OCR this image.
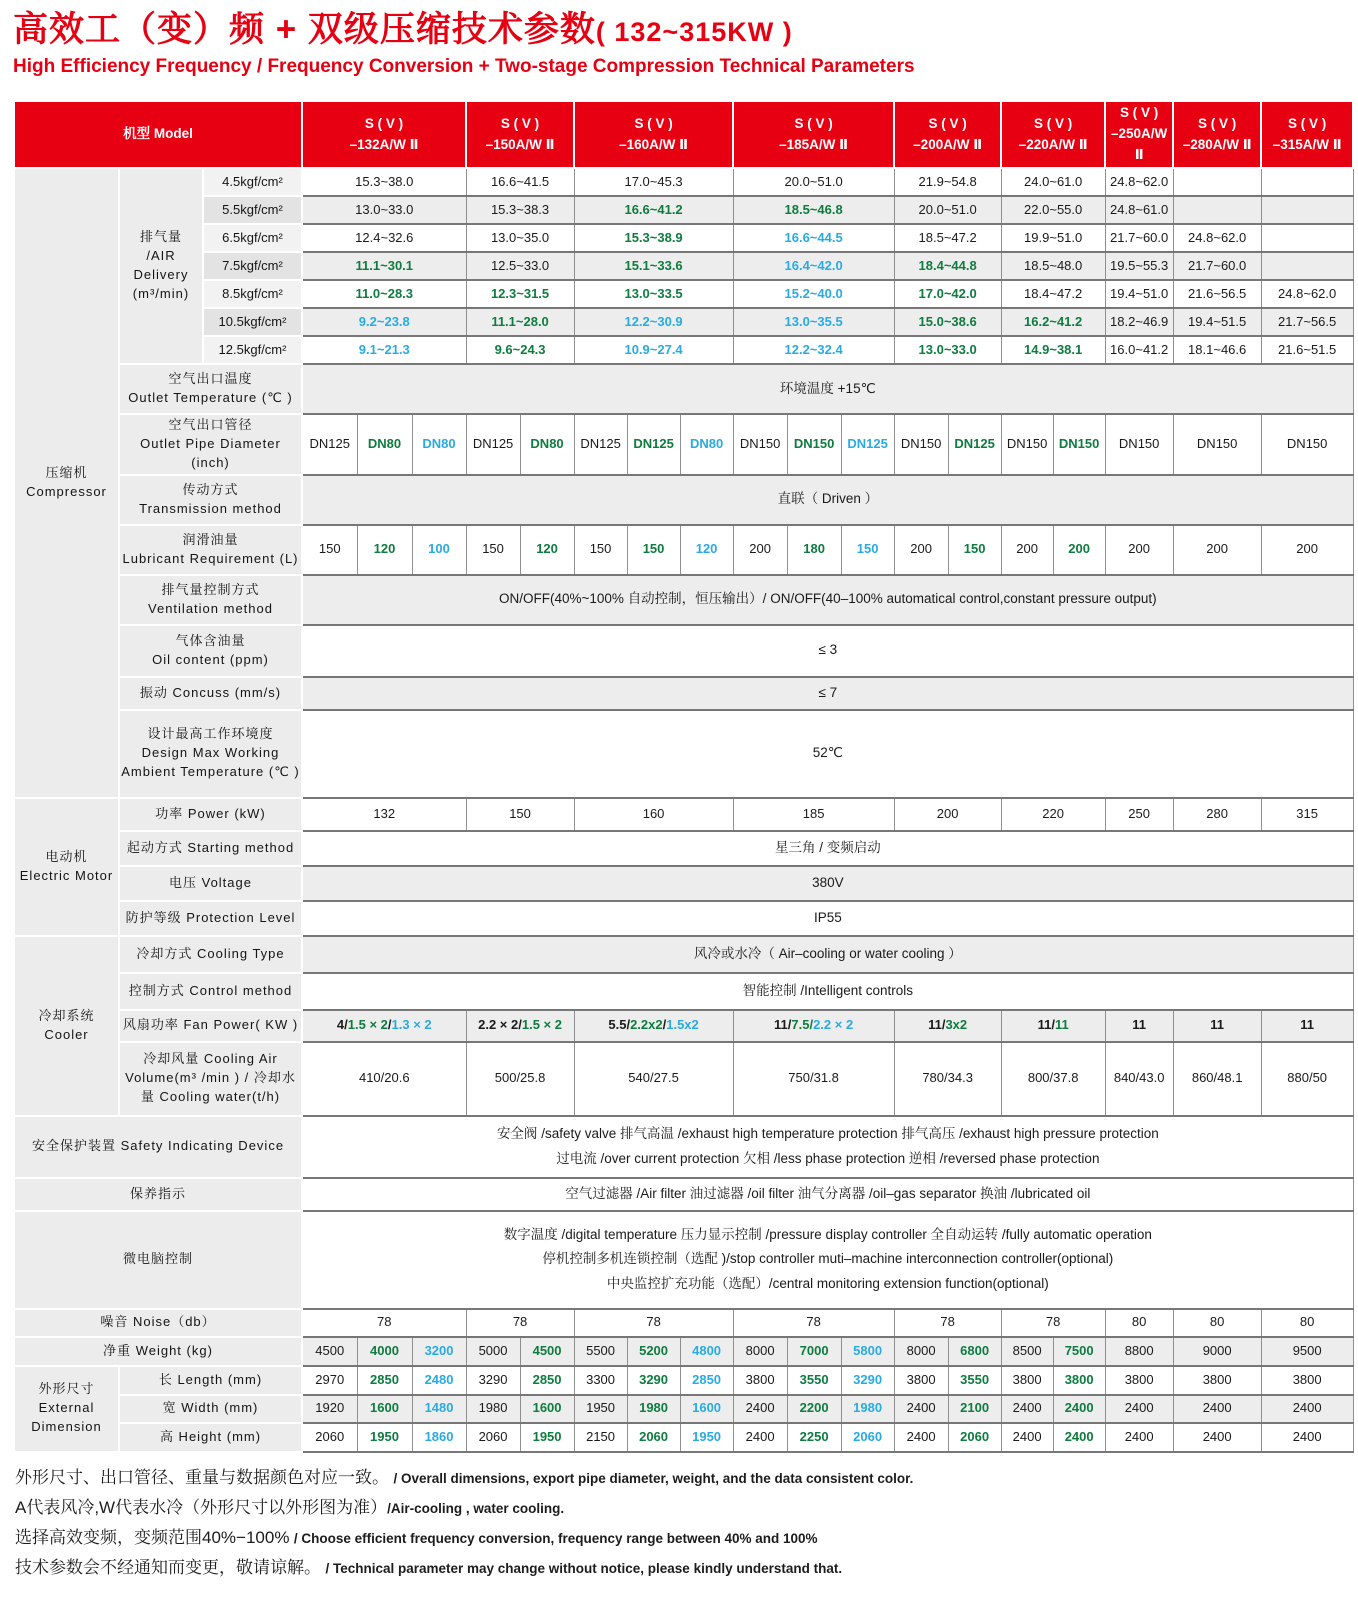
高效工（变）频 + 双级压缩技术参数( 132~315KW )
High Efficiency Frequency / Frequency Conversion + Two-stage Compression Technical Parameters
机型 Model			S ( V )
–132A/W Ⅱ			S ( V )
–150A/W Ⅱ		S ( V )
–160A/W Ⅱ			S ( V )
–185A/W Ⅱ			S ( V )
–200A/W Ⅱ		S ( V )
–220A/W Ⅱ		S ( V )
–250A/W Ⅱ	S ( V )
–280A/W Ⅱ	S ( V )
–315A/W Ⅱ
压缩机
Compressor	排气量
/AIR
Delivery
(m³/min)	4.5kgf/cm²	15.3~38.0			16.6~41.5		17.0~45.3			20.0~51.0			21.9~54.8		24.0~61.0		24.8~62.0		
		5.5kgf/cm²	13.0~33.0			15.3~38.3		16.6~41.2			18.5~46.8			20.0~51.0		22.0~55.0		24.8~61.0		
		6.5kgf/cm²	12.4~32.6			13.0~35.0		15.3~38.9			16.6~44.5			18.5~47.2		19.9~51.0		21.7~60.0	24.8~62.0	
		7.5kgf/cm²	11.1~30.1			12.5~33.0		15.1~33.6			16.4~42.0			18.4~44.8		18.5~48.0		19.5~55.3	21.7~60.0	
		8.5kgf/cm²	11.0~28.3			12.3~31.5		13.0~33.5			15.2~40.0			17.0~42.0		18.4~47.2		19.4~51.0	21.6~56.5	24.8~62.0
		10.5kgf/cm²	9.2~23.8			11.1~28.0		12.2~30.9			13.0~35.5			15.0~38.6		16.2~41.2		18.2~46.9	19.4~51.5	21.7~56.5
		12.5kgf/cm²	9.1~21.3			9.6~24.3		10.9~27.4			12.2~32.4			13.0~33.0		14.9~38.1		16.0~41.2	18.1~46.6	21.6~51.5
	空气出口温度
Outlet Temperature (℃ )		环境温度 +15℃																	

	空气出口管径
Outlet Pipe Diameter (inch)		DN125	DN80	DN80	DN125	DN80	DN125	DN125	DN80	DN150	DN150	DN125	DN150	DN125	DN150	DN150	DN150	DN150	DN150
	传动方式
Transmission method		直联（ Driven ）																	

	润滑油量
Lubricant Requirement (L)		150	120	100	150	120	150	150	120	200	180	150	200	150	200	200	200	200	200
	排气量控制方式
Ventilation method		ON/OFF(40%~100% 自动控制，恒压输出）/ ON/OFF(40–100% automatical control,constant pressure output)																	

	气体含油量
Oil content (ppm)		≤ 3																	

	振动 Concuss (mm/s)		≤ 7																	

	设计最高工作环境度
Design Max Working
Ambient Temperature (℃ )		52℃																	

电动机
Electric Motor	功率 Power (kW)		132			150		160			185			200		220		250	280	315
	起动方式 Starting method		星三角 / 变频启动																	

	电压 Voltage		380V																	

	防护等级 Protection Level		IP55																	

冷却系统
Cooler	冷却方式 Cooling Type		风冷或水冷（ Air–cooling or water cooling ）																	

	控制方式 Control method		智能控制 /Intelligent controls																	

	风扇功率 Fan Power( KW )		4/1.5 × 2/1.3 × 2			2.2 × 2/1.5 × 2		5.5/2.2x2/1.5x2			11/7.5/2.2 × 2			11/3x2		11/11		11	11	11
	冷却风量 Cooling Air
Volume(m³ /min ) / 冷却水
量 Cooling water(t/h)		410/20.6			500/25.8		540/27.5			750/31.8			780/34.3		800/37.8		840/43.0	860/48.1	880/50
安全保护装置 Safety Indicating Device			安全阀 /safety valve 排气高温 /exhaust high temperature protection 排气高压 /exhaust high pressure protection
过电流 /over current protection 欠相 /less phase protection 逆相 /reversed phase protection																	

保养指示			空气过滤器 /Air filter 油过滤器 /oil filter 油气分离器 /oil–gas separator 换油 /lubricated oil																	

微电脑控制			数字温度 /digital temperature 压力显示控制 /pressure display controller 全自动运转 /fully automatic operation
停机控制多机连锁控制（选配 )/stop controller muti–machine interconnection controller(optional)
中央监控扩充功能（选配）/central monitoring extension function(optional)																	

噪音 Noise（db）			78			78		78			78			78		78		80	80	80
净重 Weight (kg)			4500	4000	3200	5000	4500	5500	5200	4800	8000	7000	5800	8000	6800	8500	7500	8800	9000	9500
外形尺寸
External
Dimension	长 Length (mm)		2970	2850	2480	3290	2850	3300	3290	2850	3800	3550	3290	3800	3550	3800	3800	3800	3800	3800
	宽 Width (mm)		1920	1600	1480	1980	1600	1950	1980	1600	2400	2200	1980	2400	2100	2400	2400	2400	2400	2400
	高 Height (mm)		2060	1950	1860	2060	1950	2150	2060	1950	2400	2250	2060	2400	2060	2400	2400	2400	2400	2400
外形尺寸、出口管径、重量与数据颜色对应一致。 / Overall dimensions, export pipe diameter, weight, and the data consistent color.
A代表风冷,W代表水冷（外形尺寸以外形图为准）/Air-cooling , water cooling.
选择高效变频，变频范围40%−100% / Choose efficient frequency conversion, frequency range between 40% and 100%
技术参数会不经通知而变更，敬请谅解。 / Technical parameter may change without notice, please kindly understand that.
